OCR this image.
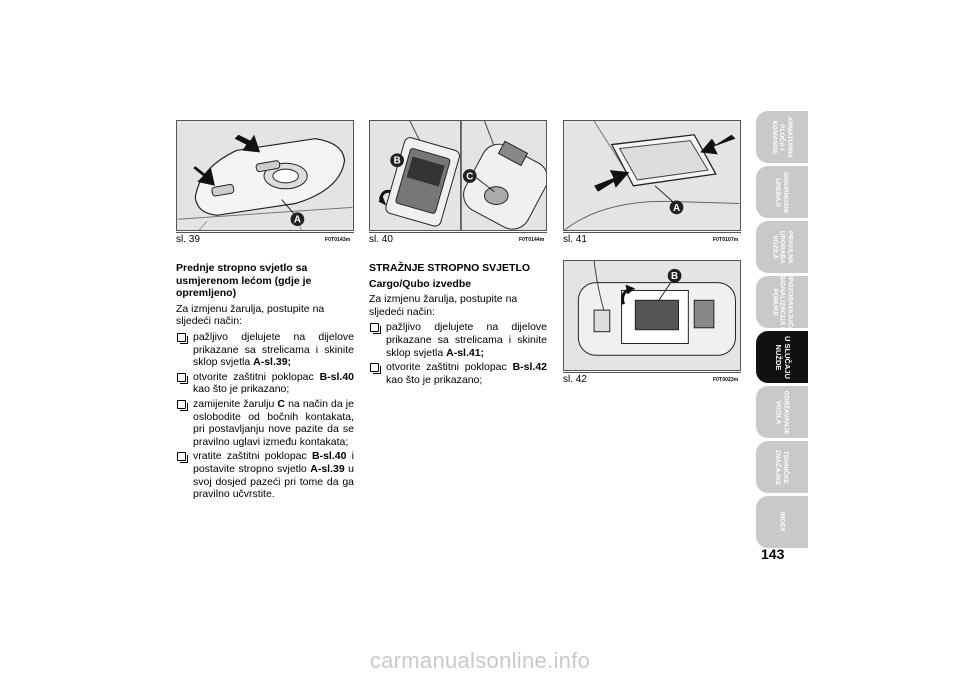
A
sl. 39	F0T0143m
B
C
sl. 40	F0T0144m
A
sl. 41	F0T0107m
B
sl. 42	F0T0023m

Prednje stropno svjetlo sa usmjerenom lećom (gdje je opremljeno)

Za izmjenu žarulja, postupite na sljedeći način:

pažljivo djelujete na dijelove prikazane sa strelicama i skinite sklop svjetla A-sl.39;
otvorite zaštitni poklopac B-sl.40 kao što je prikazano;
zamijenite žarulju C na način da je oslobodite od bočnih kontakata, pri postavljanju nove pazite da se pravilno uglavi između kontakata;
vratite zaštitni poklopac B-sl.40 i postavite stropno svjetlo A-sl.39 u svoj dosjed pazeći pri tome da ga pravilno učvrstite.

STRAŽNJE STROPNO SVJETLO

Cargo/Qubo izvedbe

Za izmjenu žarulja, postupite na sljedeći način:

pažljivo djelujete na dijelove prikazane sa strelicama i skinite sklop svjetla A-sl.41;
otvorite zaštitni poklopac B-sl.42 kao što je prikazano;
ARMATURNA
PLOČA I
KOMANDE
SIGURNOSNI
UREĐAJI
PRAVILNA
UPORABA
VOZILA
UPOZORAVAJUĆA
SIGNALIZACIJA I
PORUKE
U SLUČAJU
NUŽDE
ODRŽAVANJE
VOZILA
TEHNIČKE
ZNAČAJKE
INDEX
143
carmanualsonline.info
